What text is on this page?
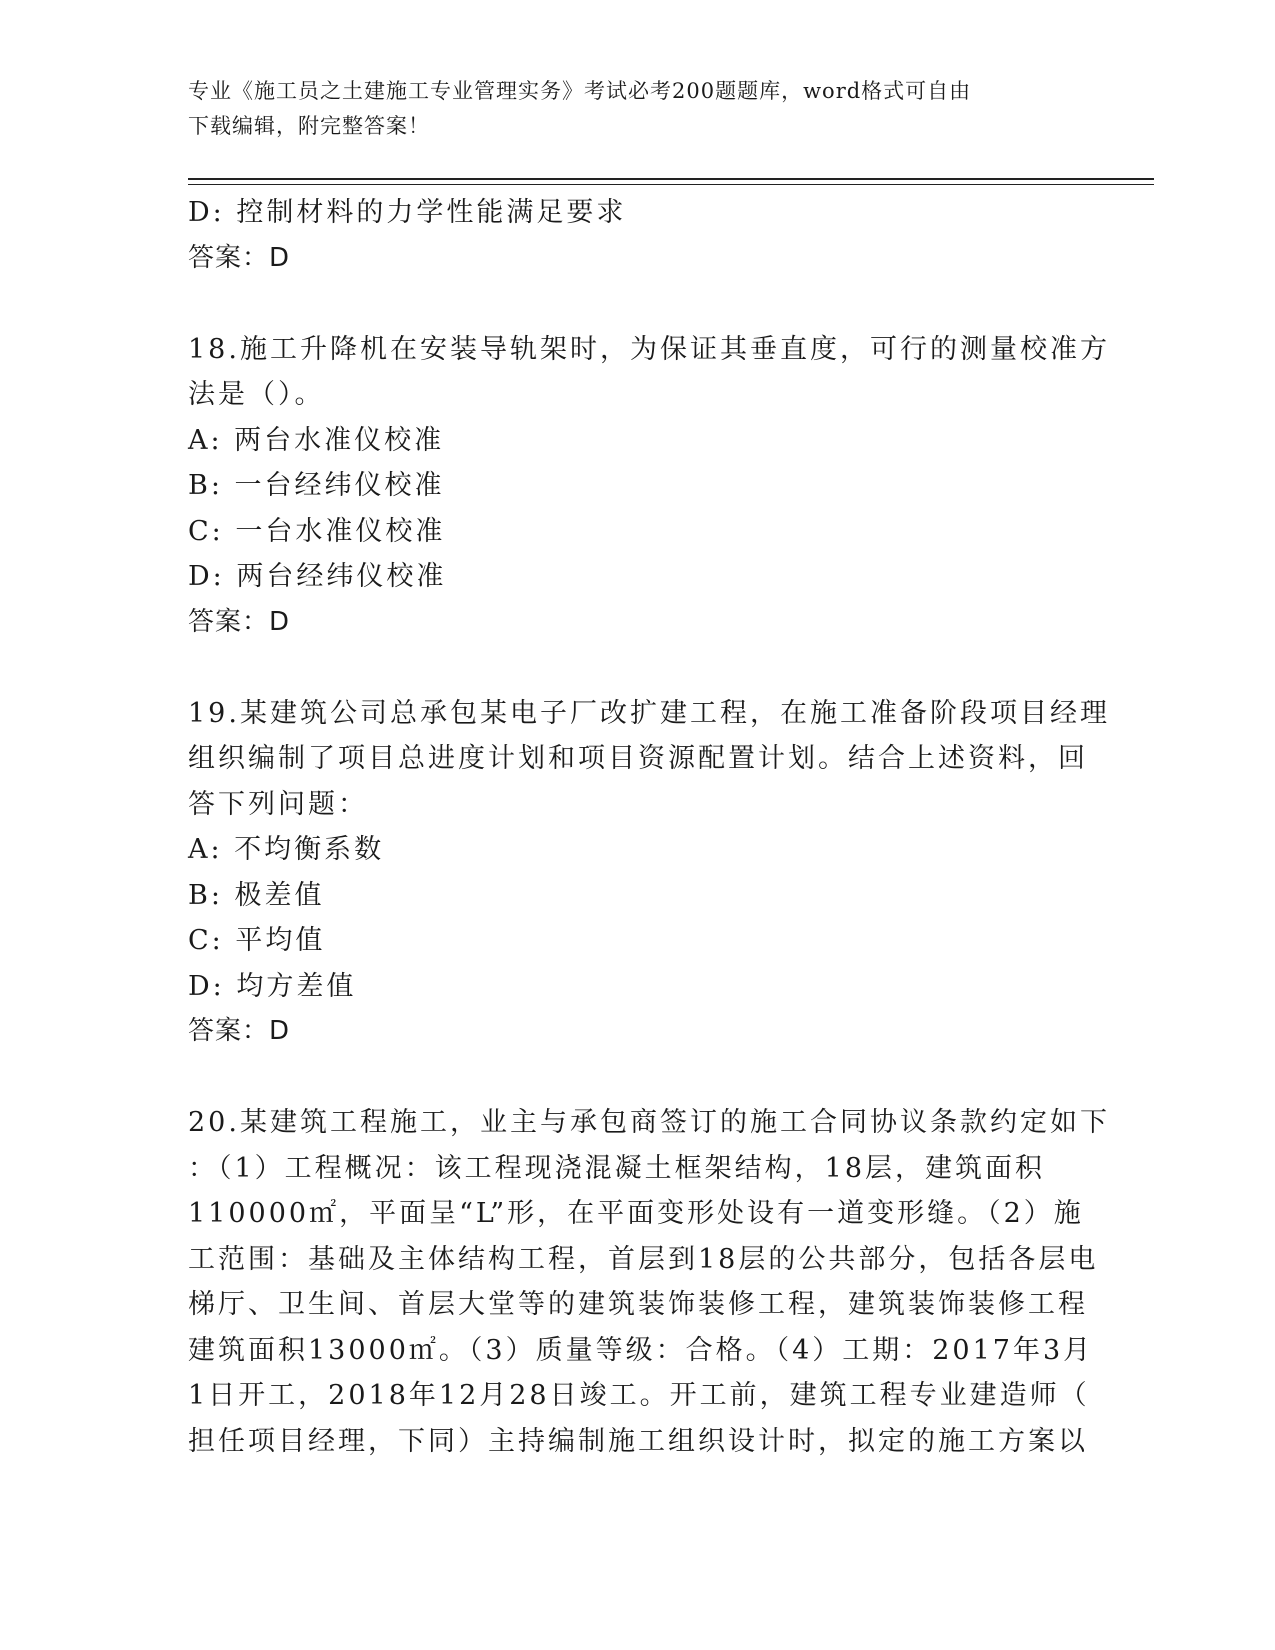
专业《施工员之土建施工专业管理实务》考试必考200题题库，word格式可自由
下载编辑，附完整答案！
D: 控制材料的力学性能满足要求
答案：D
18.施工升降机在安装导轨架时，为保证其垂直度，可行的测量校准方
法是（）。
A: 两台水准仪校准
B: 一台经纬仪校准
C: 一台水准仪校准
D: 两台经纬仪校准
答案：D
19.某建筑公司总承包某电子厂改扩建工程，在施工准备阶段项目经理
组织编制了项目总进度计划和项目资源配置计划。结合上述资料，回
答下列问题：
A: 不均衡系数
B: 极差值
C: 平均值
D: 均方差值
答案：D
20.某建筑工程施工，业主与承包商签订的施工合同协议条款约定如下
：（1）工程概况：该工程现浇混凝土框架结构，18层，建筑面积
110000㎡，平面呈“L”形，在平面变形处设有一道变形缝。（2）施
工范围：基础及主体结构工程，首层到18层的公共部分，包括各层电
梯厅、卫生间、首层大堂等的建筑装饰装修工程，建筑装饰装修工程
建筑面积13000㎡。（3）质量等级：合格。（4）工期：2017年3月
1日开工，2018年12月28日竣工。开工前，建筑工程专业建造师（
担任项目经理，下同）主持编制施工组织设计时，拟定的施工方案以
